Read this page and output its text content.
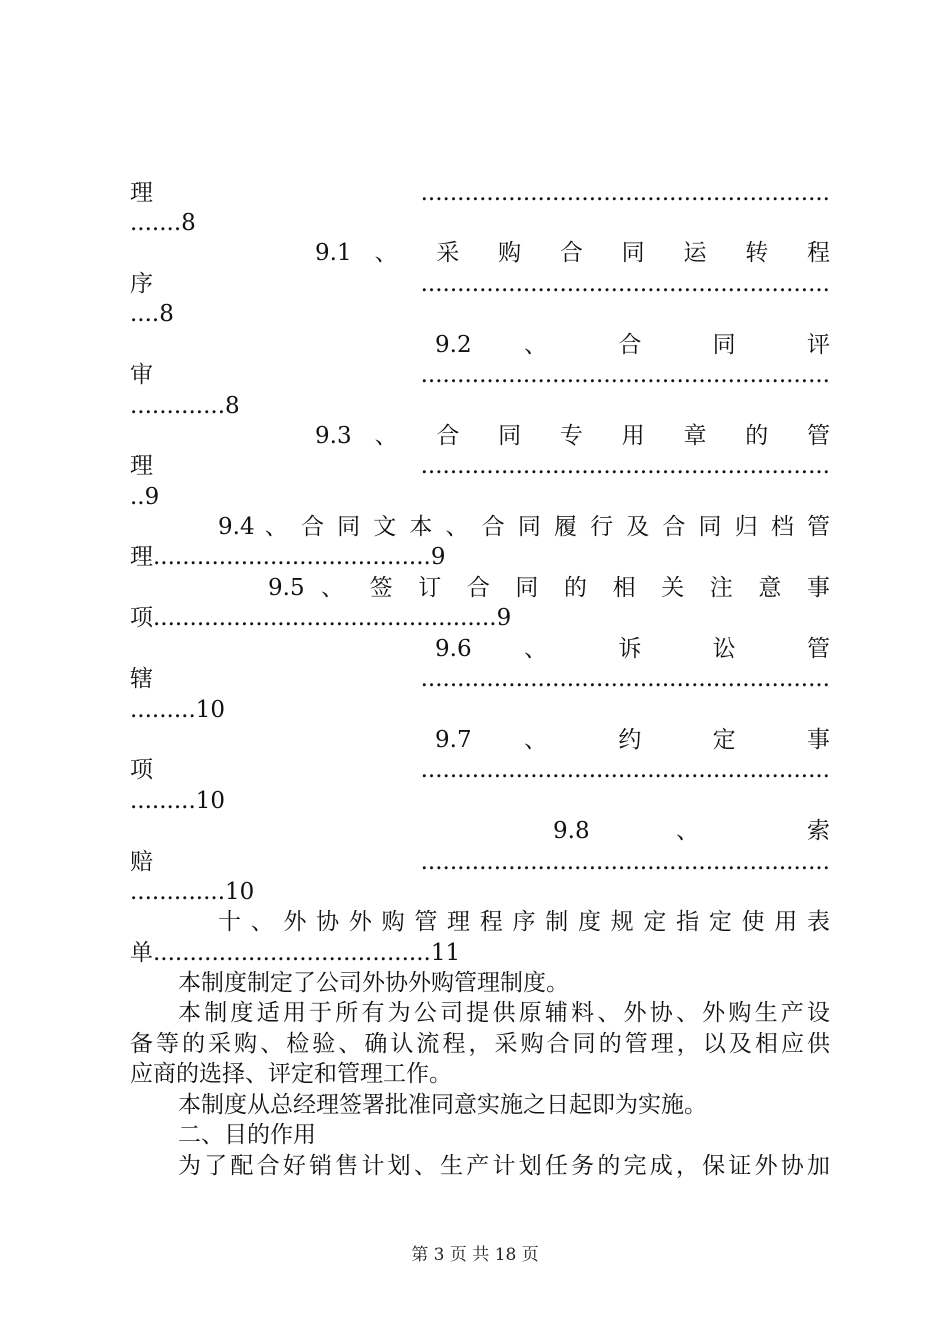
理........................................................
.......8
9.1 、 采 购 合 同 运 转 程
序........................................................
....8
9.2  、  合  同  评
审........................................................
.............8
9.3 、 合 同 专 用 章 的 管
理........................................................
..9
9.4 、 合 同 文 本 、 合 同 履 行 及 合 同 归 档 管
理......................................9
9.5 、 签 订 合 同 的 相 关 注 意 事
项...............................................9
9.6  、  诉  讼  管
辖........................................................
.........10
9.7  、  约  定  事
项........................................................
.........10
9.8   、   索
赔........................................................
.............10
十 、 外 协 外 购 管 理 程 序 制 度 规 定 指 定 使 用 表
单......................................11
本制度制定了公司外协外购管理制度。
本制度适用于所有为公司提供原辅料、外协、外购生产设
备等的采购、检验、确认流程，采购合同的管理，以及相应供
应商的选择、评定和管理工作。
本制度从总经理签署批准同意实施之日起即为实施。
二、目的作用
为了配合好销售计划、生产计划任务的完成，保证外协加
第 3 页 共 18 页
